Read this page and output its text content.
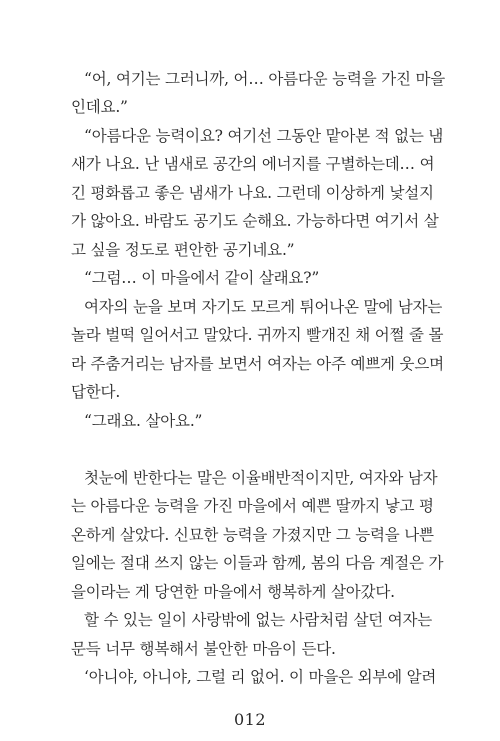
“어, 여기는 그러니까, 어… 아름다운 능력을 가진 마을
인데요.”
“아름다운 능력이요? 여기선 그동안 맡아본 적 없는 냄
새가 나요. 난 냄새로 공간의 에너지를 구별하는데… 여
긴 평화롭고 좋은 냄새가 나요. 그런데 이상하게 낯설지
가 않아요. 바람도 공기도 순해요. 가능하다면 여기서 살
고 싶을 정도로 편안한 공기네요.”
“그럼… 이 마을에서 같이 살래요?”
여자의 눈을 보며 자기도 모르게 튀어나온 말에 남자는
놀라 벌떡 일어서고 말았다. 귀까지 빨개진 채 어쩔 줄 몰
라 주춤거리는 남자를 보면서 여자는 아주 예쁘게 웃으며
답한다.
“그래요. 살아요.”
첫눈에 반한다는 말은 이율배반적이지만, 여자와 남자
는 아름다운 능력을 가진 마을에서 예쁜 딸까지 낳고 평
온하게 살았다. 신묘한 능력을 가졌지만 그 능력을 나쁜
일에는 절대 쓰지 않는 이들과 함께, 봄의 다음 계절은 가
을이라는 게 당연한 마을에서 행복하게 살아갔다.
할 수 있는 일이 사랑밖에 없는 사람처럼 살던 여자는
문득 너무 행복해서 불안한 마음이 든다.
‘아니야, 아니야, 그럴 리 없어. 이 마을은 외부에 알려
012
